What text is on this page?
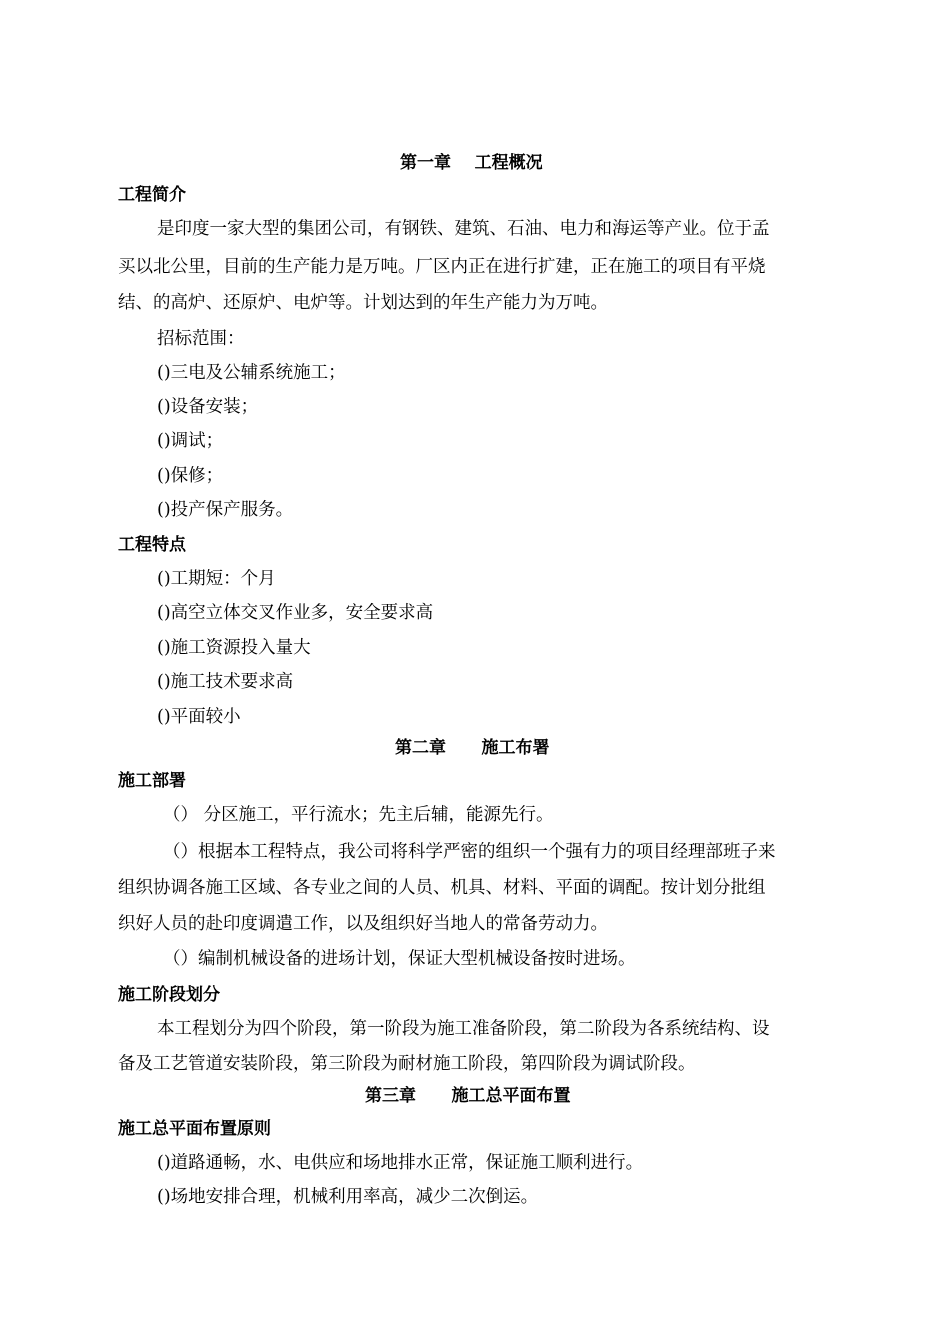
第一章    工程概况
工程简介
是印度一家大型的集团公司，有钢铁、建筑、石油、电力和海运等产业。位于孟
买以北公里，目前的生产能力是万吨。厂区内正在进行扩建，正在施工的项目有平烧
结、的高炉、还原炉、电炉等。计划达到的年生产能力为万吨。
招标范围：
()三电及公辅系统施工；
()设备安装；
()调试；
()保修；
()投产保产服务。
工程特点
()工期短：个月
()高空立体交叉作业多，安全要求高
()施工资源投入量大
()施工技术要求高
()平面较小
第二章      施工布署
施工部署
（） 分区施工，平行流水；先主后辅，能源先行。
（）根据本工程特点，我公司将科学严密的组织一个强有力的项目经理部班子来
组织协调各施工区域、各专业之间的人员、机具、材料、平面的调配。按计划分批组
织好人员的赴印度调遣工作，以及组织好当地人的常备劳动力。
（）编制机械设备的进场计划，保证大型机械设备按时进场。
施工阶段划分
本工程划分为四个阶段，第一阶段为施工准备阶段，第二阶段为各系统结构、设
备及工艺管道安装阶段，第三阶段为耐材施工阶段，第四阶段为调试阶段。
第三章      施工总平面布置
施工总平面布置原则
()道路通畅，水、电供应和场地排水正常，保证施工顺利进行。
()场地安排合理，机械利用率高，减少二次倒运。
